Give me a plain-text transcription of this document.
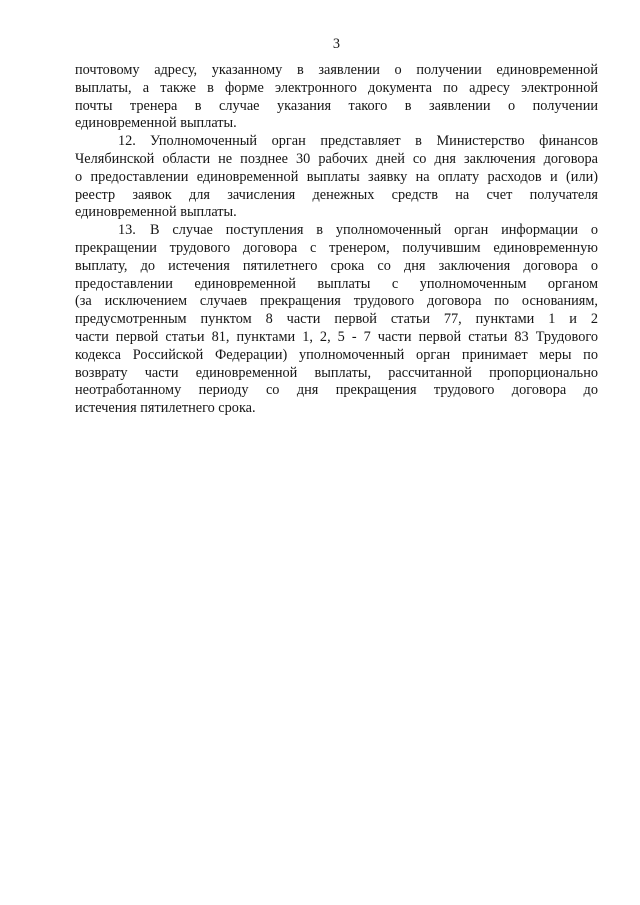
3
почтовому адресу, указанному в заявлении о получении единовременной
выплаты, а также в форме электронного документа по адресу электронной
почты тренера в случае указания такого в заявлении о получении
единовременной выплаты.
12. Уполномоченный орган представляет в Министерство финансов
Челябинской области не позднее 30 рабочих дней со дня заключения договора
о предоставлении единовременной выплаты заявку на оплату расходов и (или)
реестр заявок для зачисления денежных средств на счет получателя
единовременной выплаты.
13. В случае поступления в уполномоченный орган информации о
прекращении трудового договора с тренером, получившим единовременную
выплату, до истечения пятилетнего срока со дня заключения договора о
предоставлении единовременной выплаты с уполномоченным органом
(за исключением случаев прекращения трудового договора по основаниям,
предусмотренным пунктом 8 части первой статьи 77, пунктами 1 и 2
части первой статьи 81, пунктами 1, 2, 5 - 7 части первой статьи 83 Трудового
кодекса Российской Федерации) уполномоченный орган принимает меры по
возврату части единовременной выплаты, рассчитанной пропорционально
неотработанному периоду со дня прекращения трудового договора до
истечения пятилетнего срока.
